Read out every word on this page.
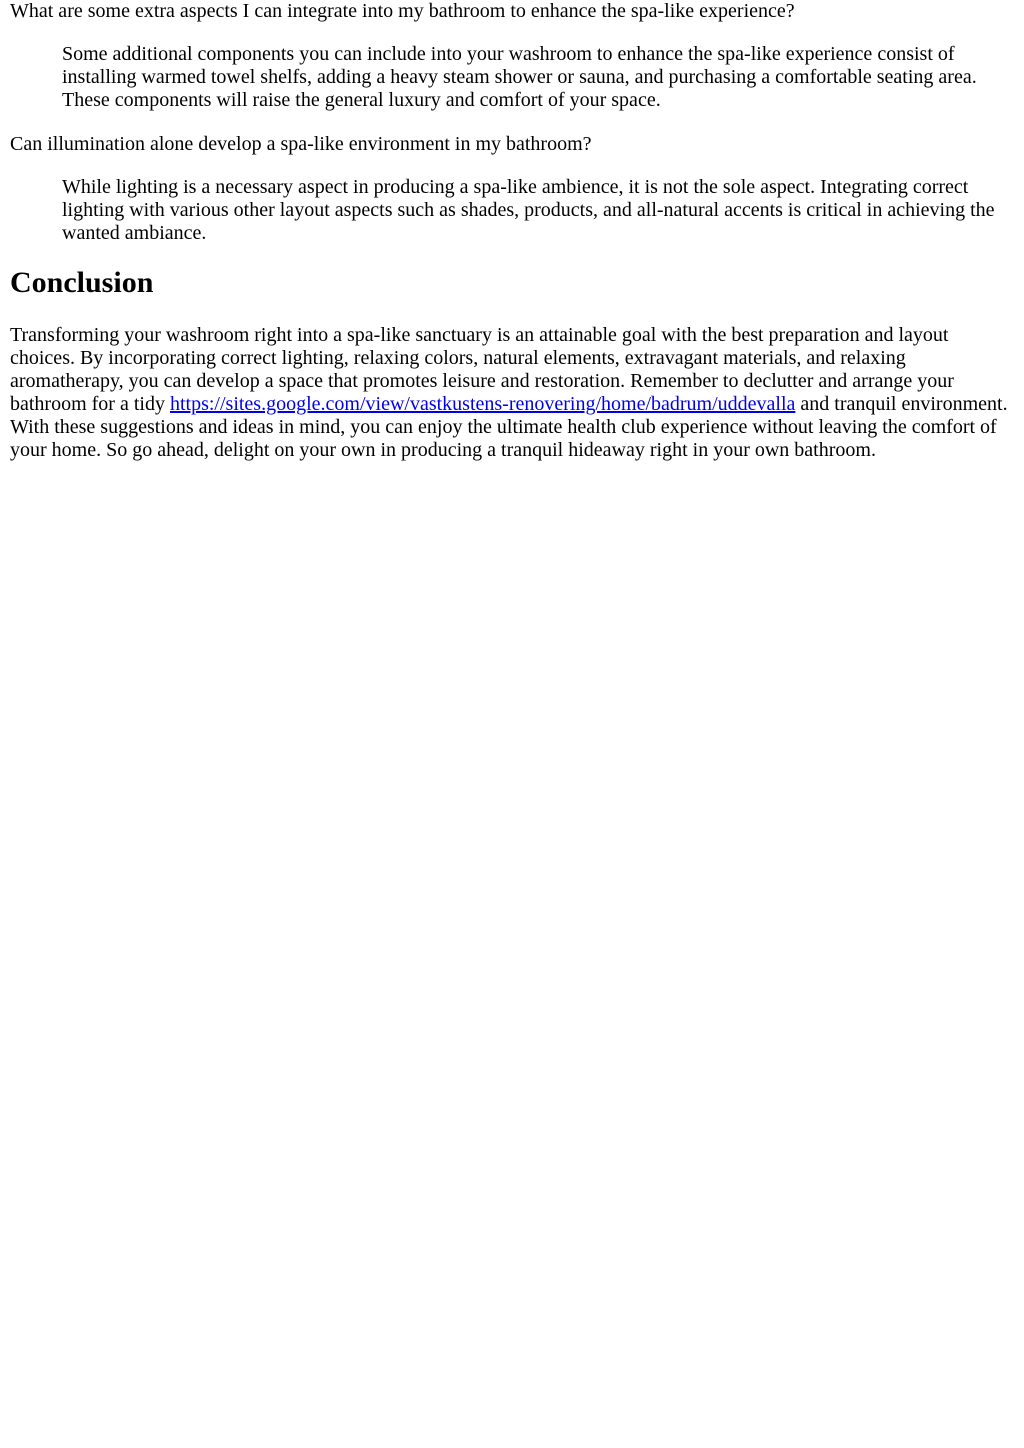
What are some extra aspects I can integrate into my bathroom to enhance the spa-like experience?
Some additional components you can include into your washroom to enhance the spa-like experience consist of installing warmed towel shelfs, adding a heavy steam shower or sauna, and purchasing a comfortable seating area. These components will raise the general luxury and comfort of your space.
Can illumination alone develop a spa-like environment in my bathroom?
While lighting is a necessary aspect in producing a spa-like ambience, it is not the sole aspect. Integrating correct lighting with various other layout aspects such as shades, products, and all-natural accents is critical in achieving the wanted ambiance.
Conclusion

Transforming your washroom right into a spa-like sanctuary is an attainable goal with the best preparation and layout choices. By incorporating correct lighting, relaxing colors, natural elements, extravagant materials, and relaxing aromatherapy, you can develop a space that promotes leisure and restoration. Remember to declutter and arrange your bathroom for a tidy https://sites.google.com/view/vastkustens-renovering/home/badrum/uddevalla and tranquil environment. With these suggestions and ideas in mind, you can enjoy the ultimate health club experience without leaving the comfort of your home. So go ahead, delight on your own in producing a tranquil hideaway right in your own bathroom.
